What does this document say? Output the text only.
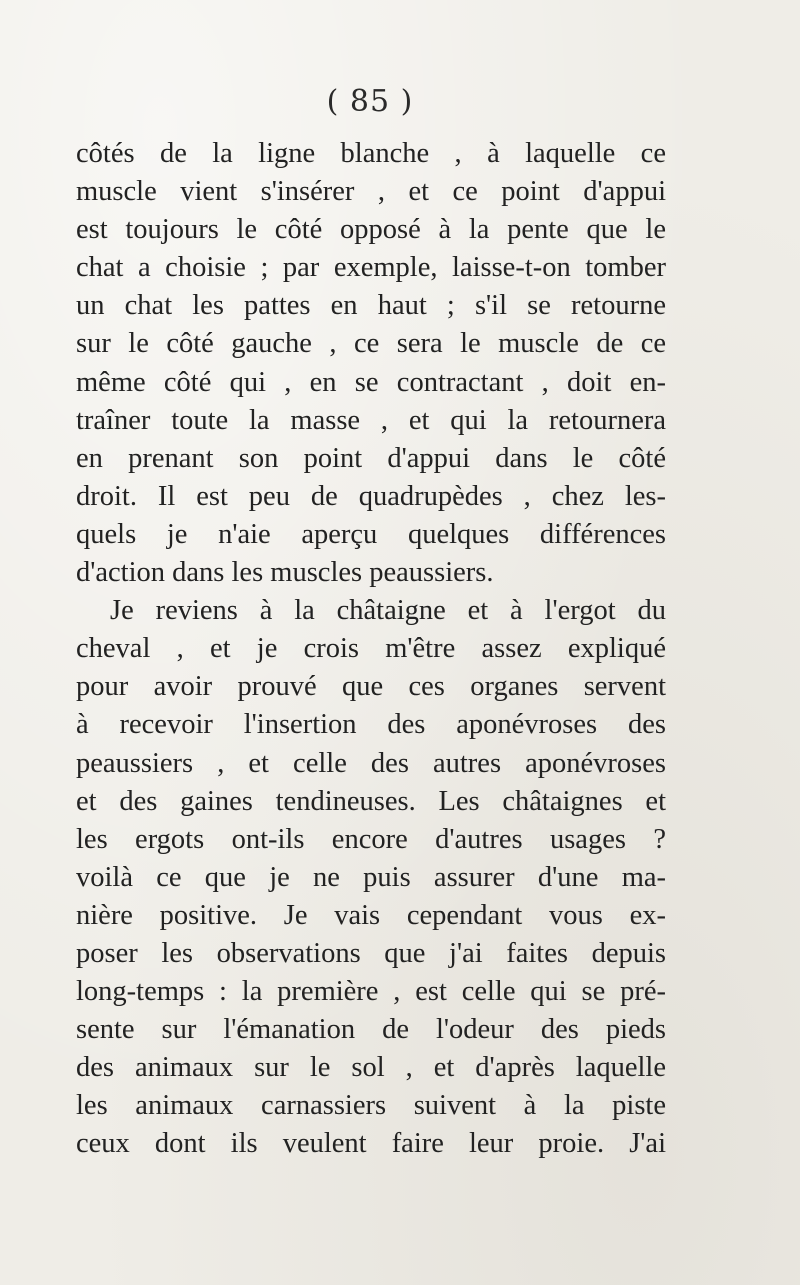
( 85 )
côtés de la ligne blanche , à laquelle ce
muscle vient s'insérer , et ce point d'appui
est toujours le côté opposé à la pente que le
chat a choisie ; par exemple, laisse-t-on tomber
un chat les pattes en haut ; s'il se retourne
sur le côté gauche , ce sera le muscle de ce
même côté qui , en se contractant , doit en-
traîner toute la masse , et qui la retournera
en prenant son point d'appui dans le côté
droit. Il est peu de quadrupèdes , chez les-
quels je n'aie aperçu quelques différences
d'action dans les muscles peaussiers.
Je reviens à la châtaigne et à l'ergot du
cheval , et je crois m'être assez expliqué
pour avoir prouvé que ces organes servent
à recevoir l'insertion des aponévroses des
peaussiers , et celle des autres aponévroses
et des gaines tendineuses. Les châtaignes et
les ergots ont-ils encore d'autres usages ?
voilà ce que je ne puis assurer d'une ma-
nière positive. Je vais cependant vous ex-
poser les observations que j'ai faites depuis
long-temps : la première , est celle qui se pré-
sente sur l'émanation de l'odeur des pieds
des animaux sur le sol , et d'après laquelle
les animaux carnassiers suivent à la piste
ceux dont ils veulent faire leur proie. J'ai
